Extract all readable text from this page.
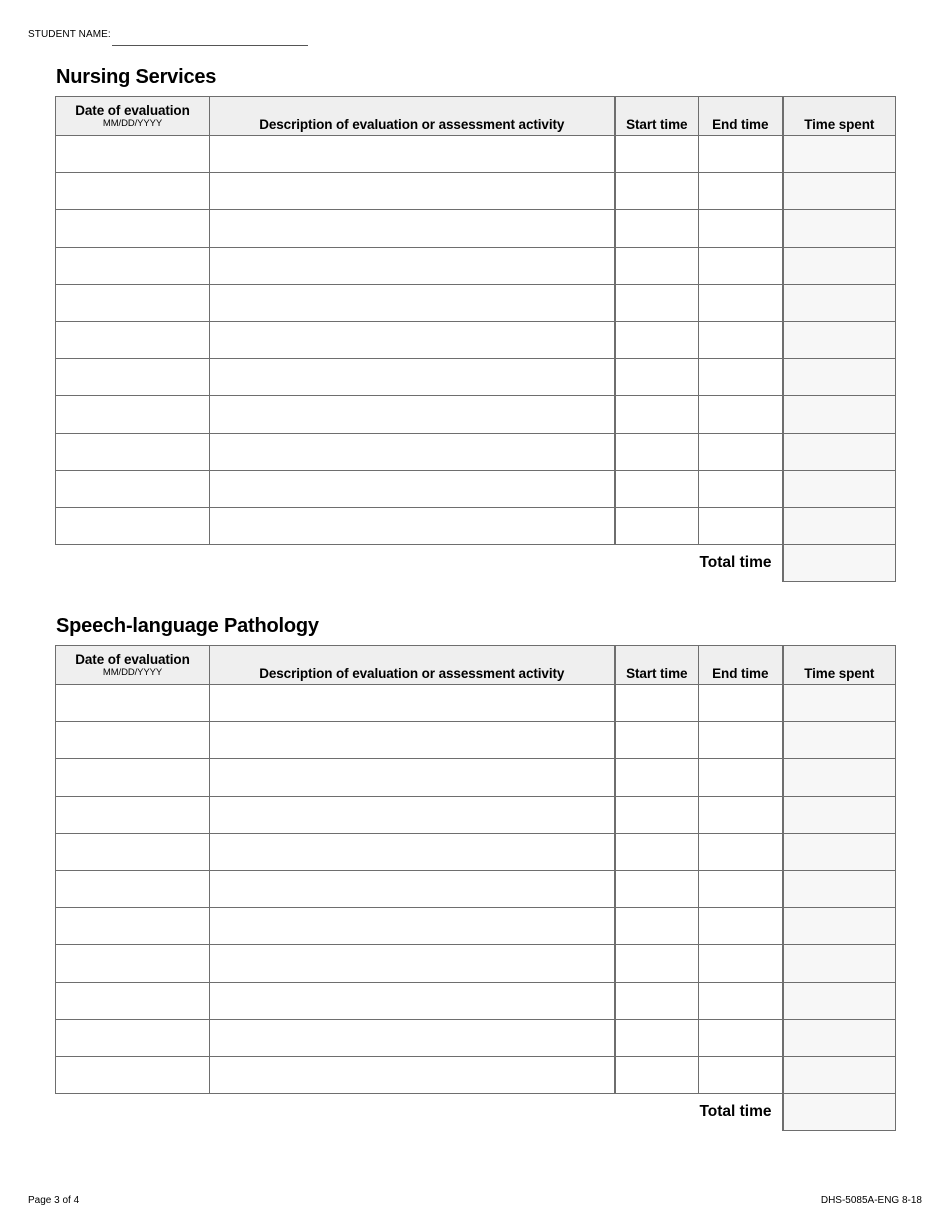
STUDENT NAME:
Nursing Services
Date of evaluation
MM/DD/YYYY	Description of evaluation or assessment activity	Start time	End time	Time spent

Total time				
Speech-language Pathology
Date of evaluation
MM/DD/YYYY	Description of evaluation or assessment activity	Start time	End time	Time spent

Total time				
Page 3 of 4	DHS-5085A-ENG 8-18
